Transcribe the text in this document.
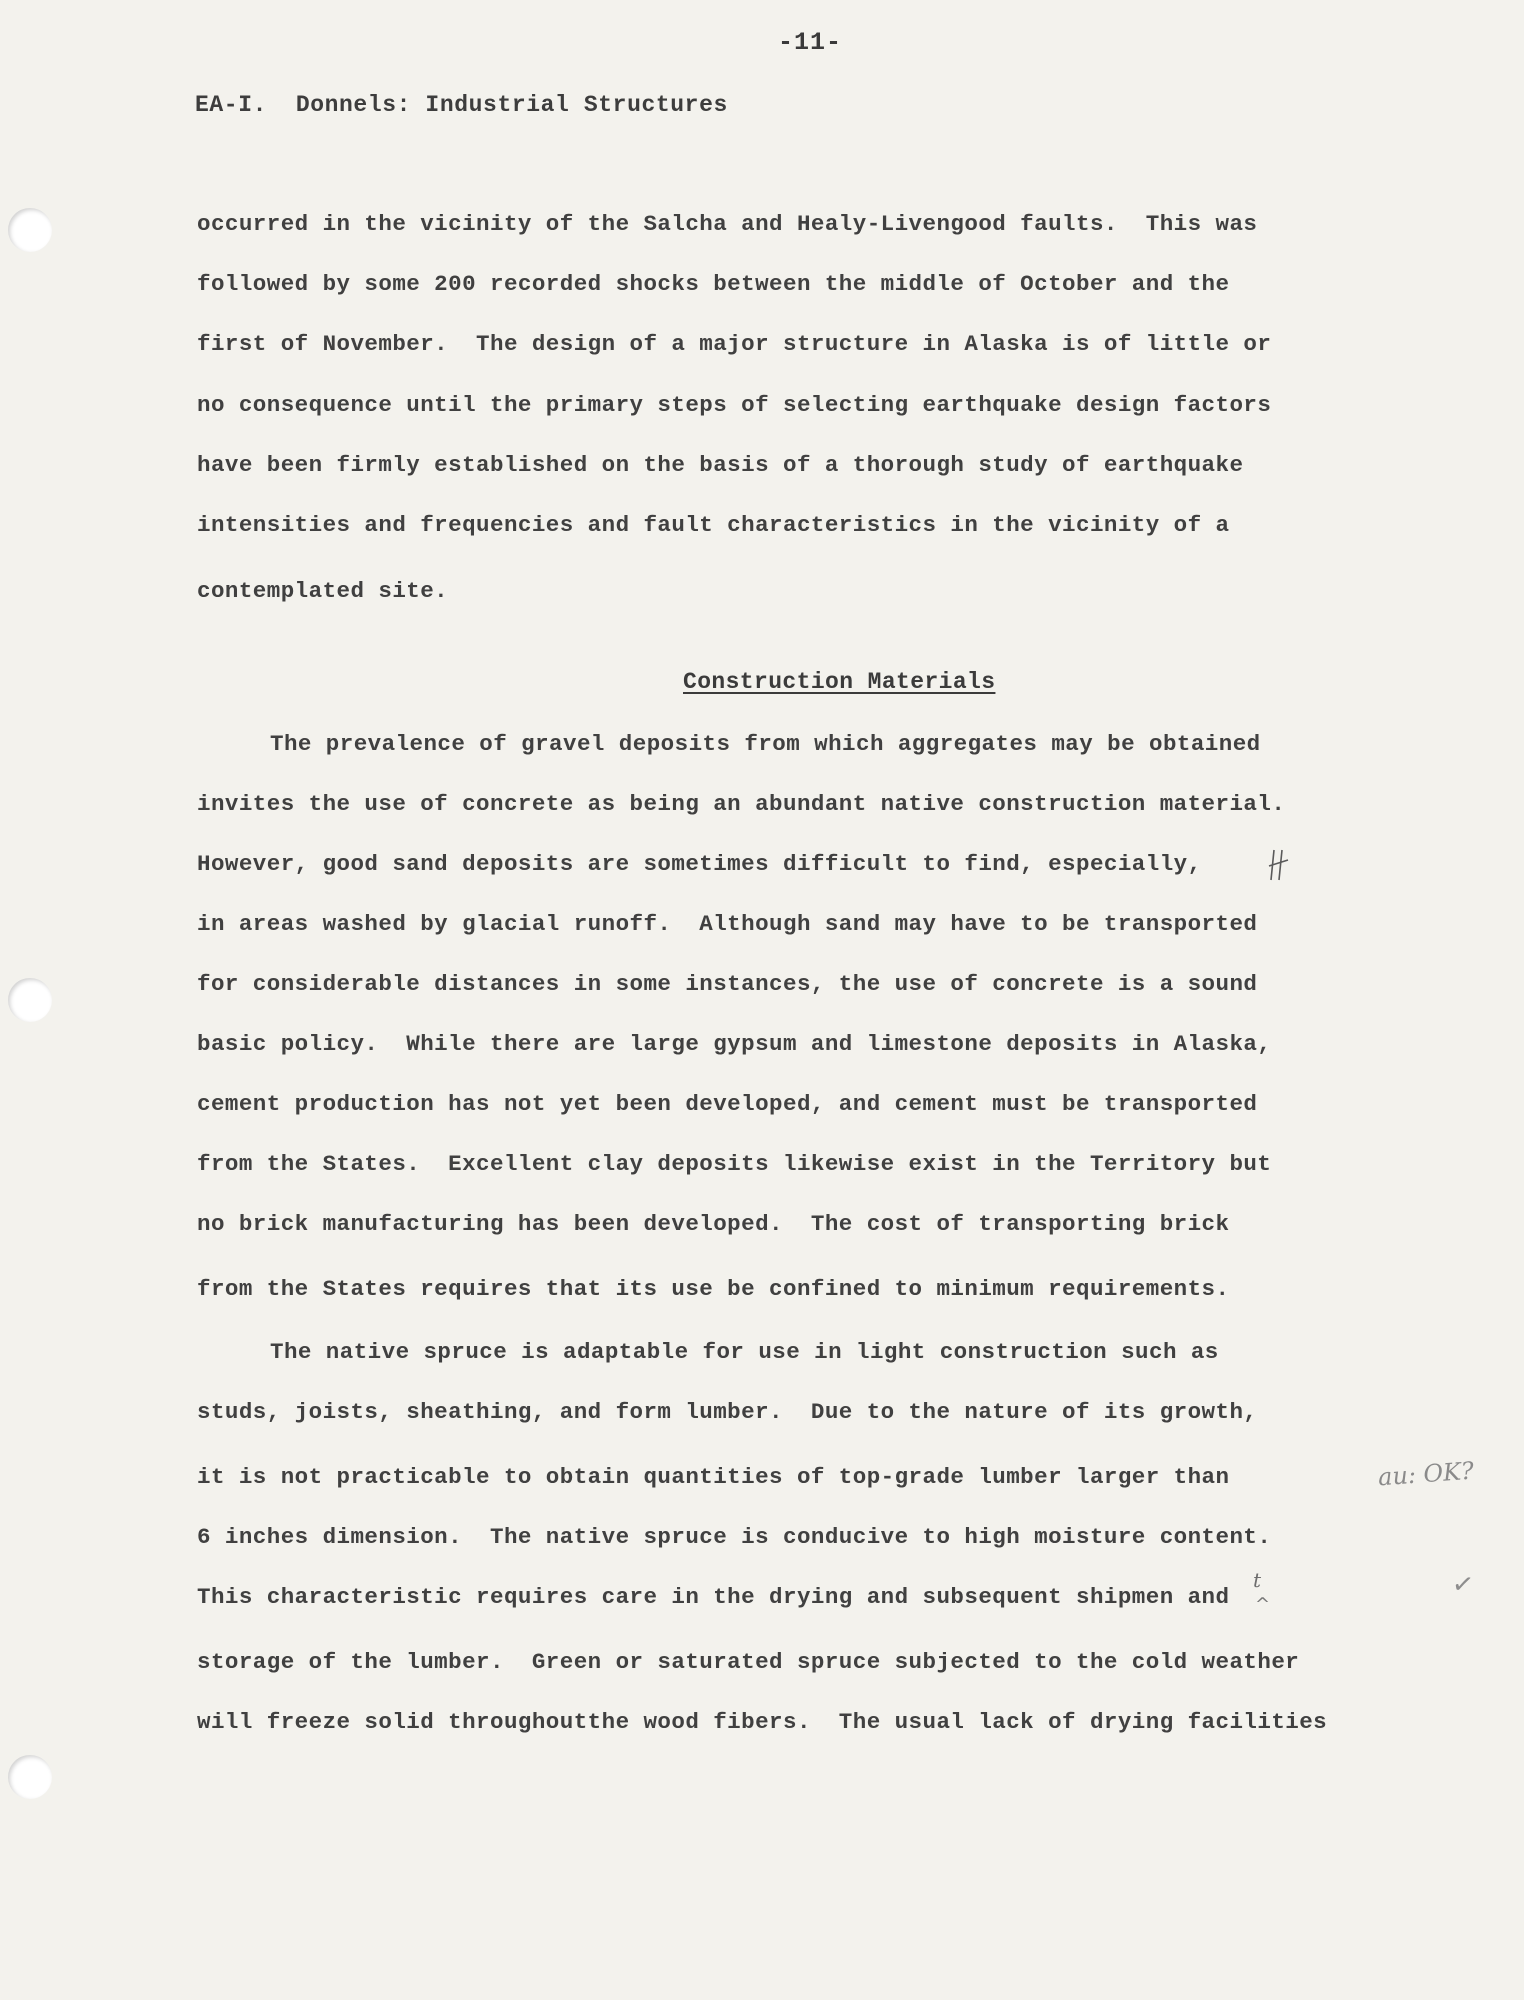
-11-
EA-I.  Donnels: Industrial Structures
occurred in the vicinity of the Salcha and Healy-Livengood faults.  This was
followed by some 200 recorded shocks between the middle of October and the
first of November.  The design of a major structure in Alaska is of little or
no consequence until the primary steps of selecting earthquake design factors
have been firmly established on the basis of a thorough study of earthquake
intensities and frequencies and fault characteristics in the vicinity of a
contemplated site.
Construction Materials
The prevalence of gravel deposits from which aggregates may be obtained
invites the use of concrete as being an abundant native construction material.
However, good sand deposits are sometimes difficult to find, especially,
in areas washed by glacial runoff.  Although sand may have to be transported
for considerable distances in some instances, the use of concrete is a sound
basic policy.  While there are large gypsum and limestone deposits in Alaska,
cement production has not yet been developed, and cement must be transported
from the States.  Excellent clay deposits likewise exist in the Territory but
no brick manufacturing has been developed.  The cost of transporting brick
from the States requires that its use be confined to minimum requirements.
The native spruce is adaptable for use in light construction such as
studs, joists, sheathing, and form lumber.  Due to the nature of its growth,
it is not practicable to obtain quantities of top-grade lumber larger than
6 inches dimension.  The native spruce is conducive to high moisture content.
This characteristic requires care in the drying and subsequent shipmen and
storage of the lumber.  Green or saturated spruce subjected to the cold weather
will freeze solid throughoutthe wood fibers.  The usual lack of drying facilities
t
^
au: OK?
✓
